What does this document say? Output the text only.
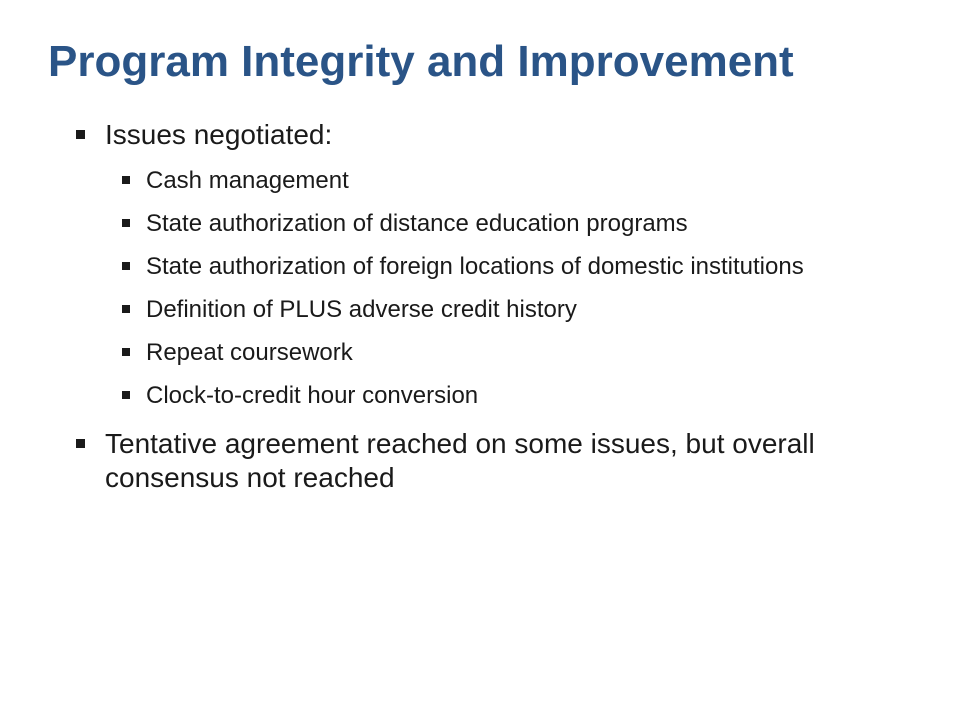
Program Integrity and Improvement
Issues negotiated:
Cash management
State authorization of distance education programs
State authorization of foreign locations of domestic institutions
Definition of PLUS adverse credit history
Repeat coursework
Clock-to-credit hour conversion
Tentative agreement reached on some issues, but overall consensus not reached
